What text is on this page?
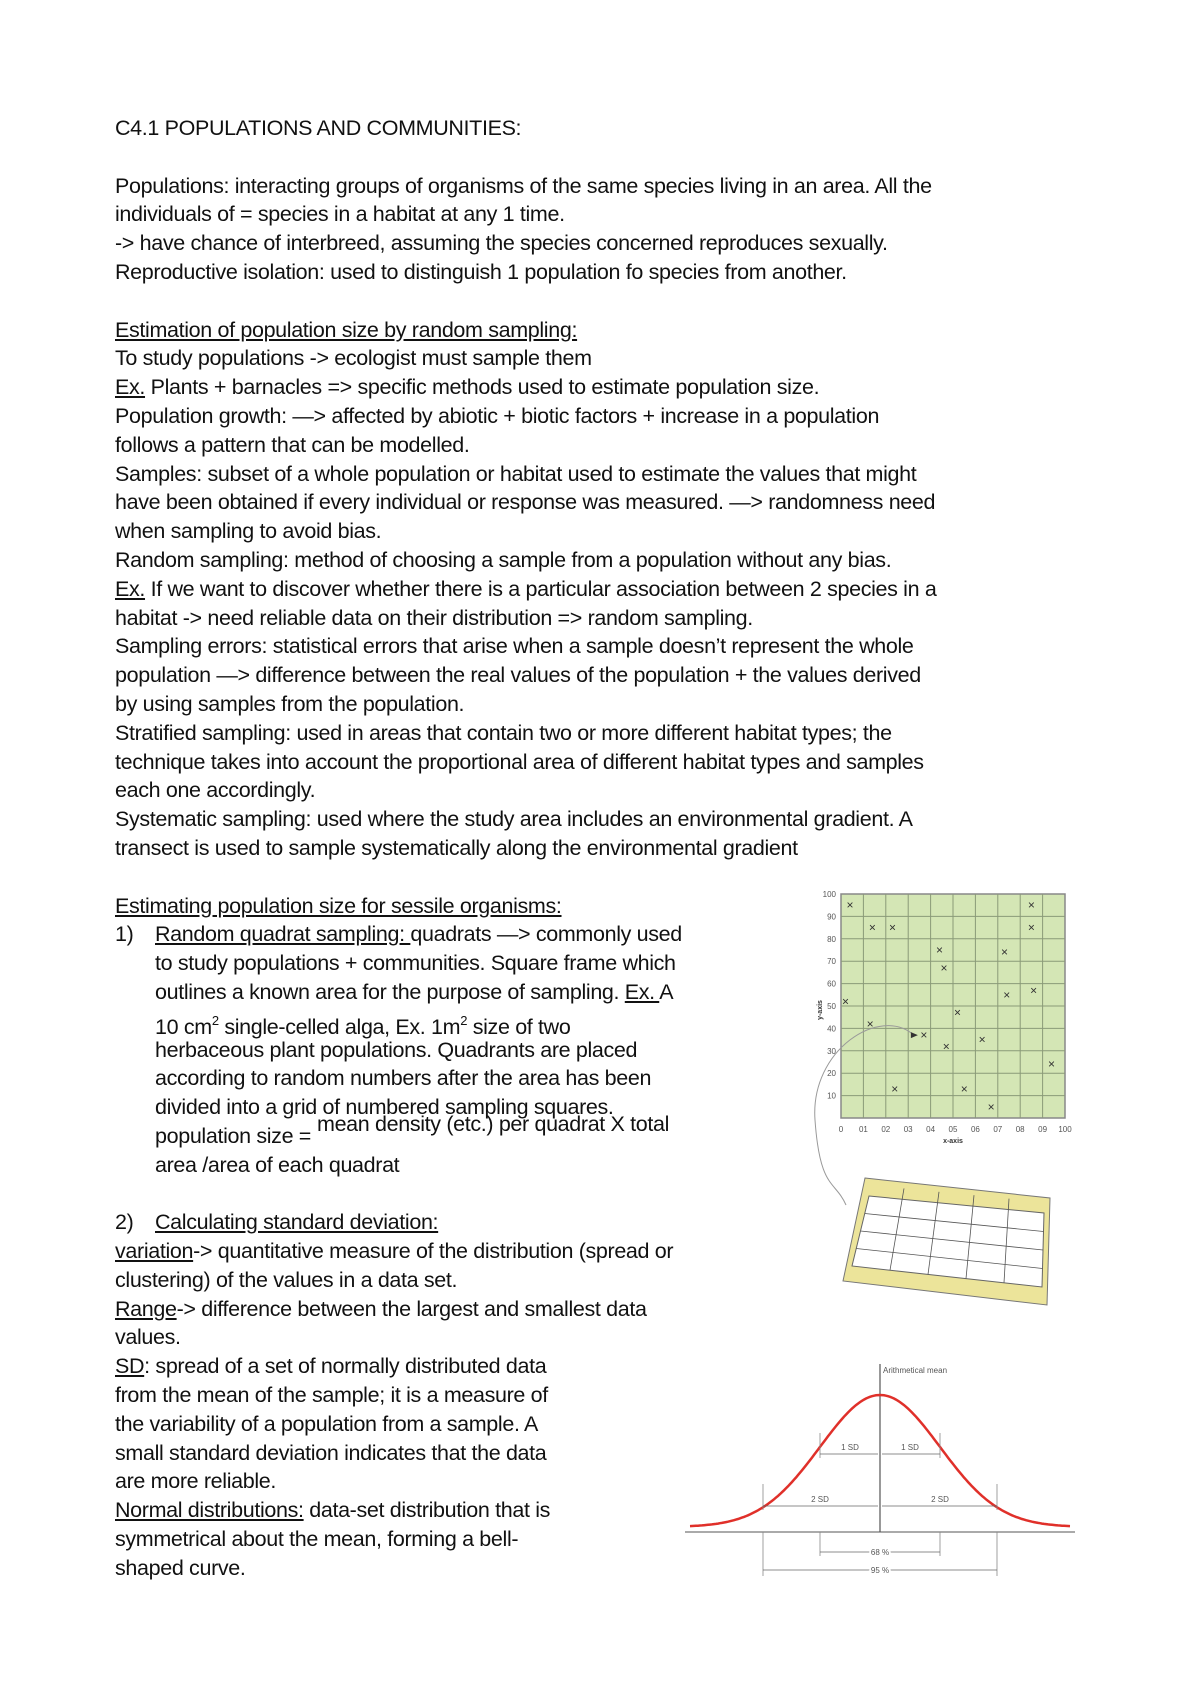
C4.1 POPULATIONS AND COMMUNITIES:
Populations: interacting groups of organisms of the same species living in an area. All the
individuals of = species in a habitat at any 1 time.
-> have chance of interbreed, assuming the species concerned reproduces sexually.
Reproductive isolation: used to distinguish 1 population fo species from another.
Estimation of population size by random sampling:
To study populations -> ecologist must sample them
Ex. Plants + barnacles => specific methods used to estimate population size.
Population growth: —> affected by abiotic + biotic factors + increase in a population
follows a pattern that can be modelled.
Samples: subset of a whole population or habitat used to estimate the values that might
have been obtained if every individual or response was measured. —> randomness need
when sampling to avoid bias.
Random sampling: method of choosing a sample from a population without any bias.
Ex. If we want to discover whether there is a particular association between 2 species in a
habitat -> need reliable data on their distribution => random sampling.
Sampling errors: statistical errors that arise when a sample doesn’t represent the whole
population —> difference between the real values of the population + the values derived
by using samples from the population.
Stratified sampling: used in areas that contain two or more different habitat types; the
technique takes into account the proportional area of different habitat types and samples
each one accordingly.
Systematic sampling: used where the study area includes an environmental gradient. A
transect is used to sample systematically along the environmental gradient
Estimating population size for sessile organisms:
1) Random quadrat sampling: quadrats —> commonly used
to study populations + communities. Square frame which
outlines a known area for the purpose of sampling. Ex. A
10 $cm^2$ single-celled alga, Ex. $1m^2$ size of two
herbaceous plant populations. Quadrants are placed
according to random numbers after the area has been
divided into a grid of numbered sampling squares.
population size = mean density (etc.) per quadrat X total
area /area of each quadrat
2) Calculating standard deviation:
variation-> quantitative measure of the distribution (spread or
clustering) of the values in a data set.
Range-> difference between the largest and smallest data
values.
SD: spread of a set of normally distributed data
from the mean of the sample; it is a measure of
the variability of a population from a sample. A
small standard deviation indicates that the data
are more reliable.
Normal distributions: data-set distribution that is
symmetrical about the mean, forming a bell-
shaped curve.
10
20
30
40
50
60
70
80
90
100
0 01 02 03 04 05 06 07 08 09 100
x-axis
y-axis
×
× ×
×
×
×
×
×
×
×
×
×
×
×
× ×
×
×	×
×
Arithmetical mean
1 SD	1 SD
2 SD	2 SD
68 %
95 %
